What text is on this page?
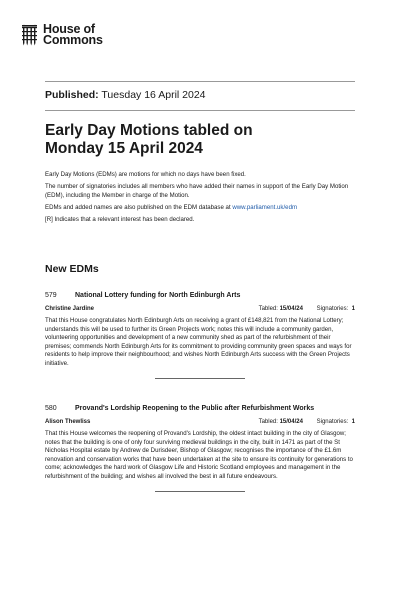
House of
Commons
Published: Tuesday 16 April 2024
Early Day Motions tabled on
Monday 15 April 2024

Early Day Motions (EDMs) are motions for which no days have been fixed.

The number of signatories includes all members who have added their names in support of the Early Day Motion (EDM), including the Member in charge of the Motion.

EDMs and added names are also published on the EDM database at www.parliament.uk/edm

[R] Indicates that a relevant interest has been declared.

New EDMs
579	National Lottery funding for North Edinburgh Arts
Christine Jardine	Tabled: 15/04/24 Signatories: 1

That this House congratulates North Edinburgh Arts on receiving a grant of £148,821 from the National Lottery; understands this will be used to further its Green Projects work; notes this will include a community garden, volunteering opportunities and development of a new community shed as part of the refurbishment of their premises; commends North Edinburgh Arts for its commitment to providing community green spaces and ways for residents to help improve their neighbourhood; and wishes North Edinburgh Arts success with the Green Projects initiative.

580	Provand's Lordship Reopening to the Public after Refurbishment Works
Alison Thewliss	Tabled: 15/04/24 Signatories: 1

That this House welcomes the reopening of Provand's Lordship, the oldest intact building in the city of Glasgow; notes that the building is one of only four surviving medieval buildings in the city, built in 1471 as part of the St Nicholas Hospital estate by Andrew de Durisdeer, Bishop of Glasgow; recognises the importance of the £1.6m renovation and conservation works that have been undertaken at the site to ensure its continuity for generations to come; acknowledges the hard work of Glasgow Life and Historic Scotland employees and management in the refurbishment of the building; and wishes all involved the best in all future endeavours.
